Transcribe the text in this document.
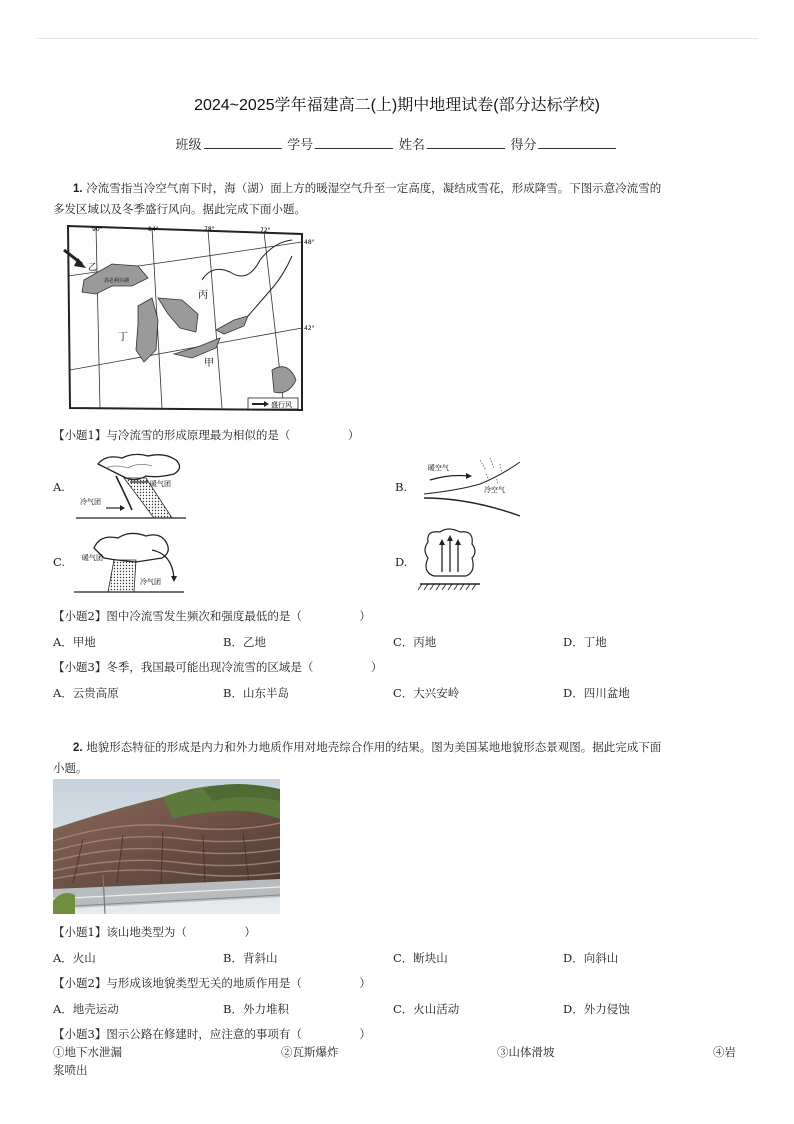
2024~2025学年福建高二(上)期中地理试卷(部分达标学校)
班级	学号	姓名	得分
1. 冷流雪指当冷空气南下时，海（湖）面上方的暖湿空气升至一定高度，凝结成雪花，形成降雪。下图示意冷流雪的
多发区域以及冬季盛行风向。据此完成下面小题。
90°	84°	78°	72°
48°
42°
乙
丙
丁
甲
苏必利尔湖
盛行风
【小题1】与冷流雪的形成原理最为相似的是（　　　　　）
A.	暖气团
冷气团
B.
暖空气
冷空气
C. 暖气团
冷气团
D.
【小题2】图中冷流雪发生频次和强度最低的是（　　　　　）
A．甲地	B．乙地	C．丙地	D．丁地
【小题3】冬季，我国最可能出现冷流雪的区域是（　　　　　）
A．云贵高原	B．山东半岛	C．大兴安岭	D．四川盆地
2. 地貌形态特征的形成是内力和外力地质作用对地壳综合作用的结果。图为美国某地地貌形态景观图。据此完成下面
小题。
【小题1】该山地类型为（　　　　　）
A．火山	B．背斜山	C．断块山	D．向斜山
【小题2】与形成该地貌类型无关的地质作用是（　　　　　）
A．地壳运动	B．外力堆积	C．火山活动	D．外力侵蚀
【小题3】图示公路在修建时，应注意的事项有（　　　　　）
①地下水泄漏	②瓦斯爆炸	③山体滑坡	④岩
浆喷出
